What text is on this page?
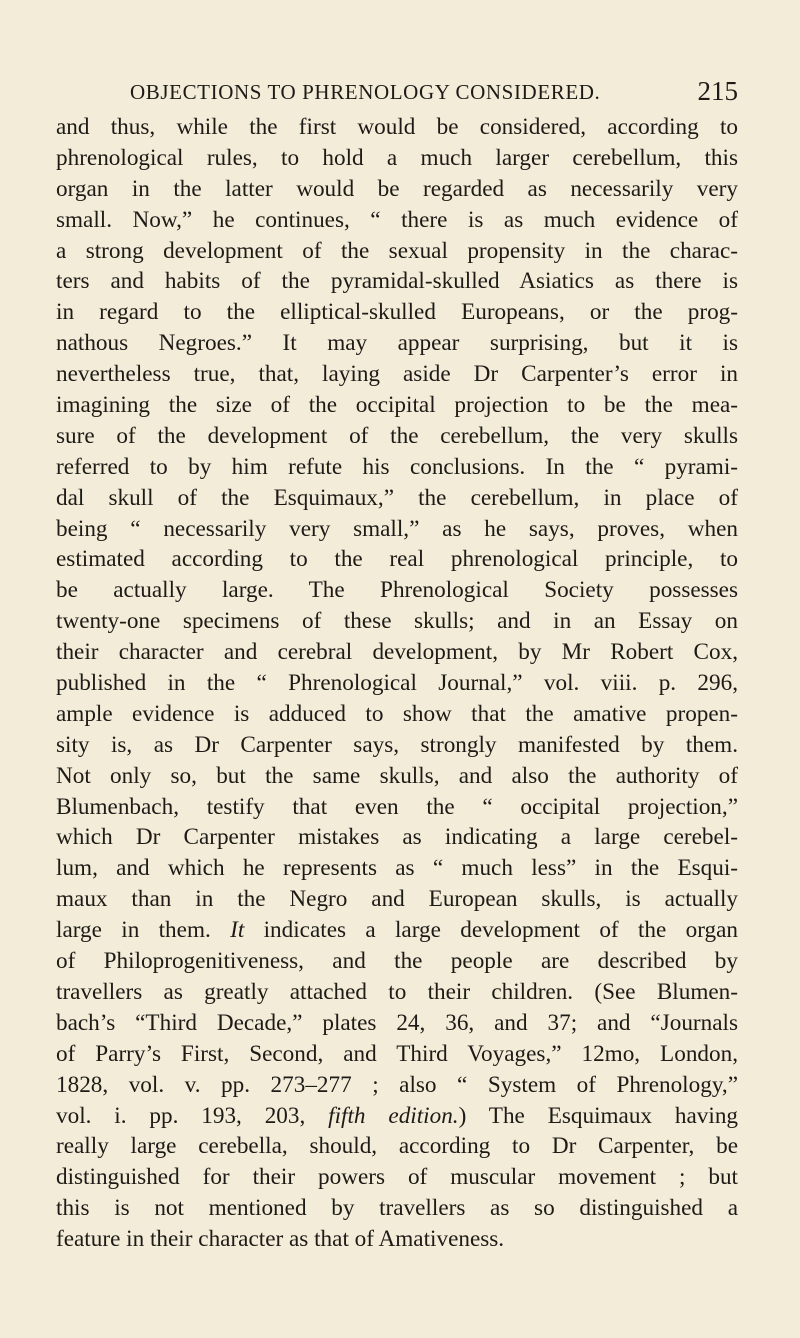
OBJECTIONS TO PHRENOLOGY CONSIDERED.	215
and thus, while the first would be considered, according to
phrenological rules, to hold a much larger cerebellum, this
organ in the latter would be regarded as necessarily very
small. Now,” he continues, “ there is as much evidence of
a strong development of the sexual propensity in the charac-
ters and habits of the pyramidal-skulled Asiatics as there is
in regard to the elliptical-skulled Europeans, or the prog-
nathous Negroes.” It may appear surprising, but it is
nevertheless true, that, laying aside Dr Carpenter’s error in
imagining the size of the occipital projection to be the mea-
sure of the development of the cerebellum, the very skulls
referred to by him refute his conclusions. In the “ pyrami-
dal skull of the Esquimaux,” the cerebellum, in place of
being “ necessarily very small,” as he says, proves, when
estimated according to the real phrenological principle, to
be actually large. The Phrenological Society possesses
twenty-one specimens of these skulls; and in an Essay on
their character and cerebral development, by Mr Robert Cox,
published in the “ Phrenological Journal,” vol. viii. p. 296,
ample evidence is adduced to show that the amative propen-
sity is, as Dr Carpenter says, strongly manifested by them.
Not only so, but the same skulls, and also the authority of
Blumenbach, testify that even the “ occipital projection,”
which Dr Carpenter mistakes as indicating a large cerebel-
lum, and which he represents as “ much less” in the Esqui-
maux than in the Negro and European skulls, is actually
large in them. It indicates a large development of the organ
of Philoprogenitiveness, and the people are described by
travellers as greatly attached to their children. (See Blumen-
bach’s “Third Decade,” plates 24, 36, and 37; and “Journals
of Parry’s First, Second, and Third Voyages,” 12mo, London,
1828, vol. v. pp. 273–277 ; also “ System of Phrenology,”
vol. i. pp. 193, 203, fifth edition.) The Esquimaux having
really large cerebella, should, according to Dr Carpenter, be
distinguished for their powers of muscular movement ; but
this is not mentioned by travellers as so distinguished a
feature in their character as that of Amativeness.
